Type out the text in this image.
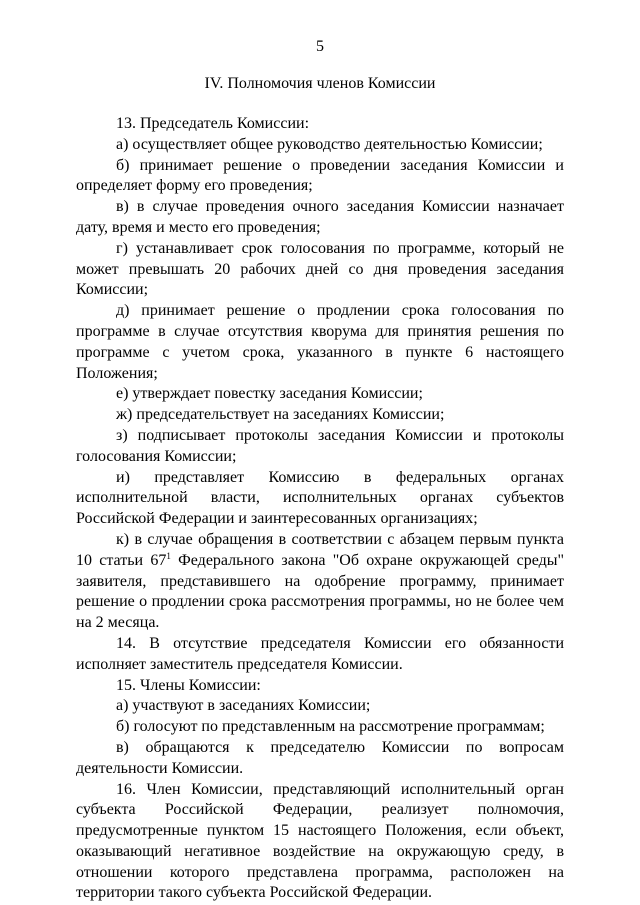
5
IV. Полномочия членов Комиссии

13. Председатель Комиссии:

а) осуществляет общее руководство деятельностью Комиссии;

б) принимает решение о проведении заседания Комиссии и определяет форму его проведения;

в) в случае проведения очного заседания Комиссии назначает дату, время и место его проведения;

г) устанавливает срок голосования по программе, который не может превышать 20 рабочих дней со дня проведения заседания Комиссии;

д) принимает решение о продлении срока голосования по программе в случае отсутствия кворума для принятия решения по программе с учетом срока, указанного в пункте 6 настоящего Положения;

е) утверждает повестку заседания Комиссии;

ж) председательствует на заседаниях Комиссии;

з) подписывает протоколы заседания Комиссии и протоколы голосования Комиссии;

и) представляет Комиссию в федеральных органах исполнительной власти, исполнительных органах субъектов Российской Федерации и заинтересованных организациях;

к) в случае обращения в соответствии с абзацем первым пункта 10 статьи $67^1$ Федерального закона "Об охране окружающей среды" заявителя, представившего на одобрение программу, принимает решение о продлении срока рассмотрения программы, но не более чем на 2 месяца.

14. В отсутствие председателя Комиссии его обязанности исполняет заместитель председателя Комиссии.

15. Члены Комиссии:

а) участвуют в заседаниях Комиссии;

б) голосуют по представленным на рассмотрение программам;

в) обращаются к председателю Комиссии по вопросам деятельности Комиссии.

16. Член Комиссии, представляющий исполнительный орган субъекта Российской Федерации, реализует полномочия, предусмотренные пунктом 15 настоящего Положения, если объект, оказывающий негативное воздействие на окружающую среду, в отношении которого представлена программа, расположен на территории такого субъекта Российской Федерации.
